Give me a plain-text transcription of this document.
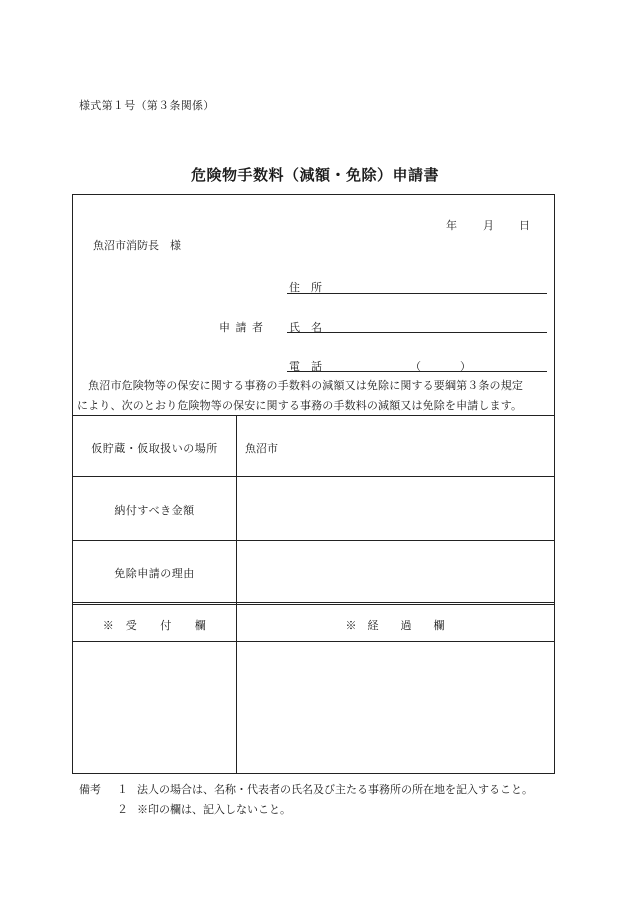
様式第１号（第３条関係）
危険物手数料（減額・免除）申請書
年 月 日
魚沼市消防長　様
住　所
申 請 者 氏　名
電　話	（	）
　魚沼市危険物等の保安に関する事務の手数料の減額又は免除に関する要綱第３条の規定
により、次のとおり危険物等の保安に関する事務の手数料の減額又は免除を申請します。
仮貯蔵・仮取扱いの場所	魚沼市
納付すべき金額
免除申請の理由
※　受　　付　　欄	※　経　　過　　欄
備考 １ 法人の場合は、名称・代表者の氏名及び主たる事務所の所在地を記入すること。
２ ※印の欄は、記入しないこと。
